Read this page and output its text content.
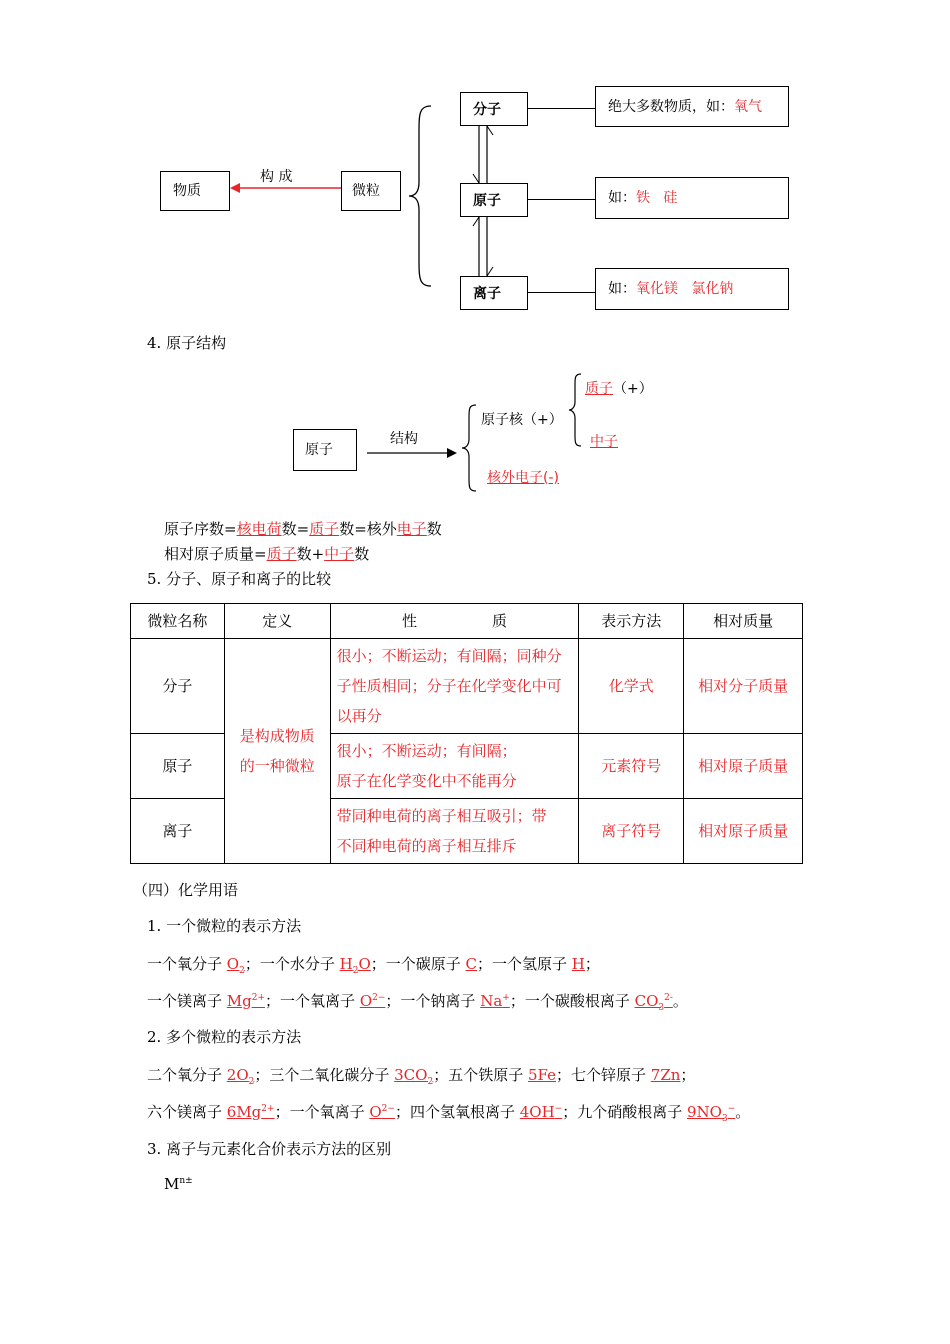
物质
构 成
微粒
分子
原子
离子
绝大多数物质，如：氧气
如：铁   硅
如：氧化镁   氯化钠
4. 原子结构
原子
结构
原子核（+）
质子（+）
中子
核外电子(-)
原子序数=核电荷数=质子数=核外电子数
相对原子质量=质子数+中子数
5. 分子、原子和离子的比较
微粒名称	定义	性　　　　　质	表示方法	相对质量
分子	是构成物质的一种微粒	很小；不断运动；有间隔；同种分子性质相同；分子在化学变化中可以再分	化学式	相对分子质量
原子		很小；不断运动；有间隔；原子在化学变化中不能再分	元素符号	相对原子质量
离子		带同种电荷的离子相互吸引；带不同种电荷的离子相互排斥	离子符号	相对原子质量
（四）化学用语
1. 一个微粒的表示方法
一个氧分子 $O_2$；一个水分子 $H_2O$；一个碳原子 C；一个氢原子 H；
一个镁离子 $Mg^{2+}$；一个氧离子 $O^{2-}$；一个钠离子 Na+；一个碳酸根离子 $CO_3^{2-}$。
2. 多个微粒的表示方法
二个氧分子 $2O_2$；三个二氧化碳分子 $3CO_2$；五个铁原子 5Fe；七个锌原子 7Zn；
六个镁离子 $6Mg^{2+}$；一个氧离子 $O^{2-}$；四个氢氧根离子 4OH−；九个硝酸根离子 $9NO_3^-$。
3. 离子与元素化合价表示方法的区别
$M^{n\pm}$
